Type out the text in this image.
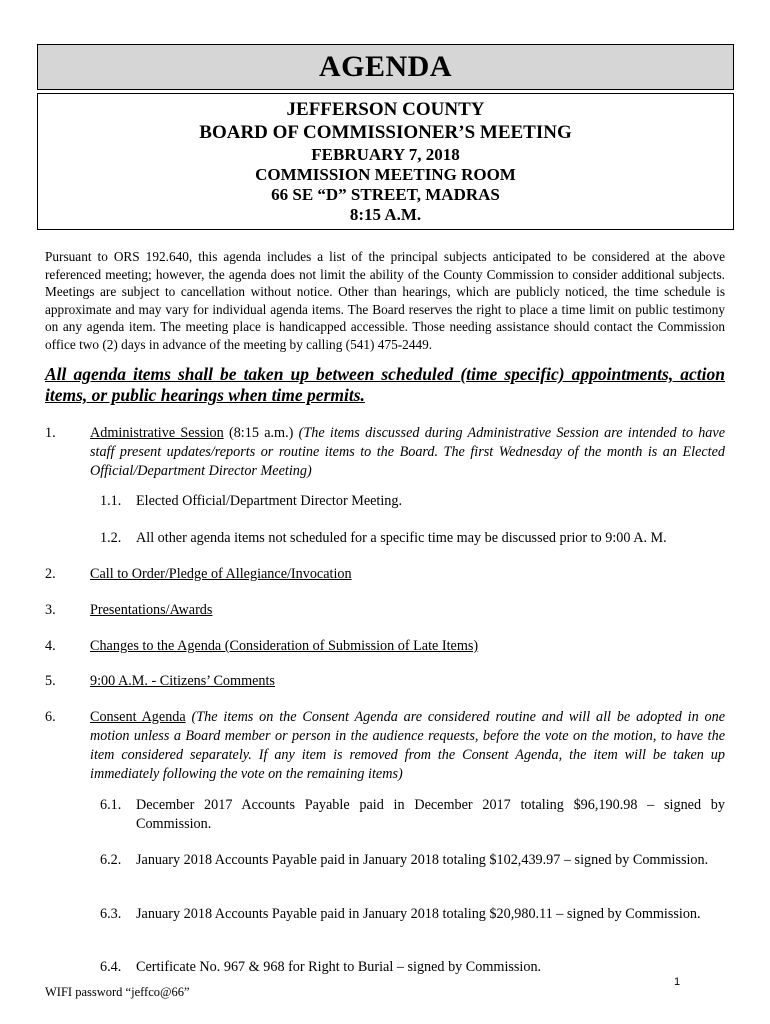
AGENDA
JEFFERSON COUNTY
BOARD OF COMMISSIONER’S MEETING
FEBRUARY 7, 2018
COMMISSION MEETING ROOM
66 SE “D” STREET, MADRAS
8:15 A.M.
Pursuant to ORS 192.640, this agenda includes a list of the principal subjects anticipated to be considered at the above referenced meeting; however, the agenda does not limit the ability of the County Commission to consider additional subjects. Meetings are subject to cancellation without notice. Other than hearings, which are publicly noticed, the time schedule is approximate and may vary for individual agenda items. The Board reserves the right to place a time limit on public testimony on any agenda item. The meeting place is handicapped accessible. Those needing assistance should contact the Commission office two (2) days in advance of the meeting by calling (541) 475-2449.
All agenda items shall be taken up between scheduled (time specific) appointments, action items, or public hearings when time permits.
1. Administrative Session (8:15 a.m.) (The items discussed during Administrative Session are intended to have staff present updates/reports or routine items to the Board. The first Wednesday of the month is an Elected Official/Department Director Meeting)
1.1. Elected Official/Department Director Meeting.
1.2. All other agenda items not scheduled for a specific time may be discussed prior to 9:00 A. M.
2. Call to Order/Pledge of Allegiance/Invocation
3. Presentations/Awards
4. Changes to the Agenda (Consideration of Submission of Late Items)
5. 9:00 A.M. - Citizens’ Comments
6. Consent Agenda (The items on the Consent Agenda are considered routine and will all be adopted in one motion unless a Board member or person in the audience requests, before the vote on the motion, to have the item considered separately. If any item is removed from the Consent Agenda, the item will be taken up immediately following the vote on the remaining items)
6.1. December 2017 Accounts Payable paid in December 2017 totaling $96,190.98 – signed by Commission.
6.2. January 2018 Accounts Payable paid in January 2018 totaling $102,439.97 – signed by Commission.
6.3. January 2018 Accounts Payable paid in January 2018 totaling $20,980.11 – signed by Commission.
6.4. Certificate No. 967 & 968 for Right to Burial – signed by Commission.
1
WIFI password “jeffco@66”
